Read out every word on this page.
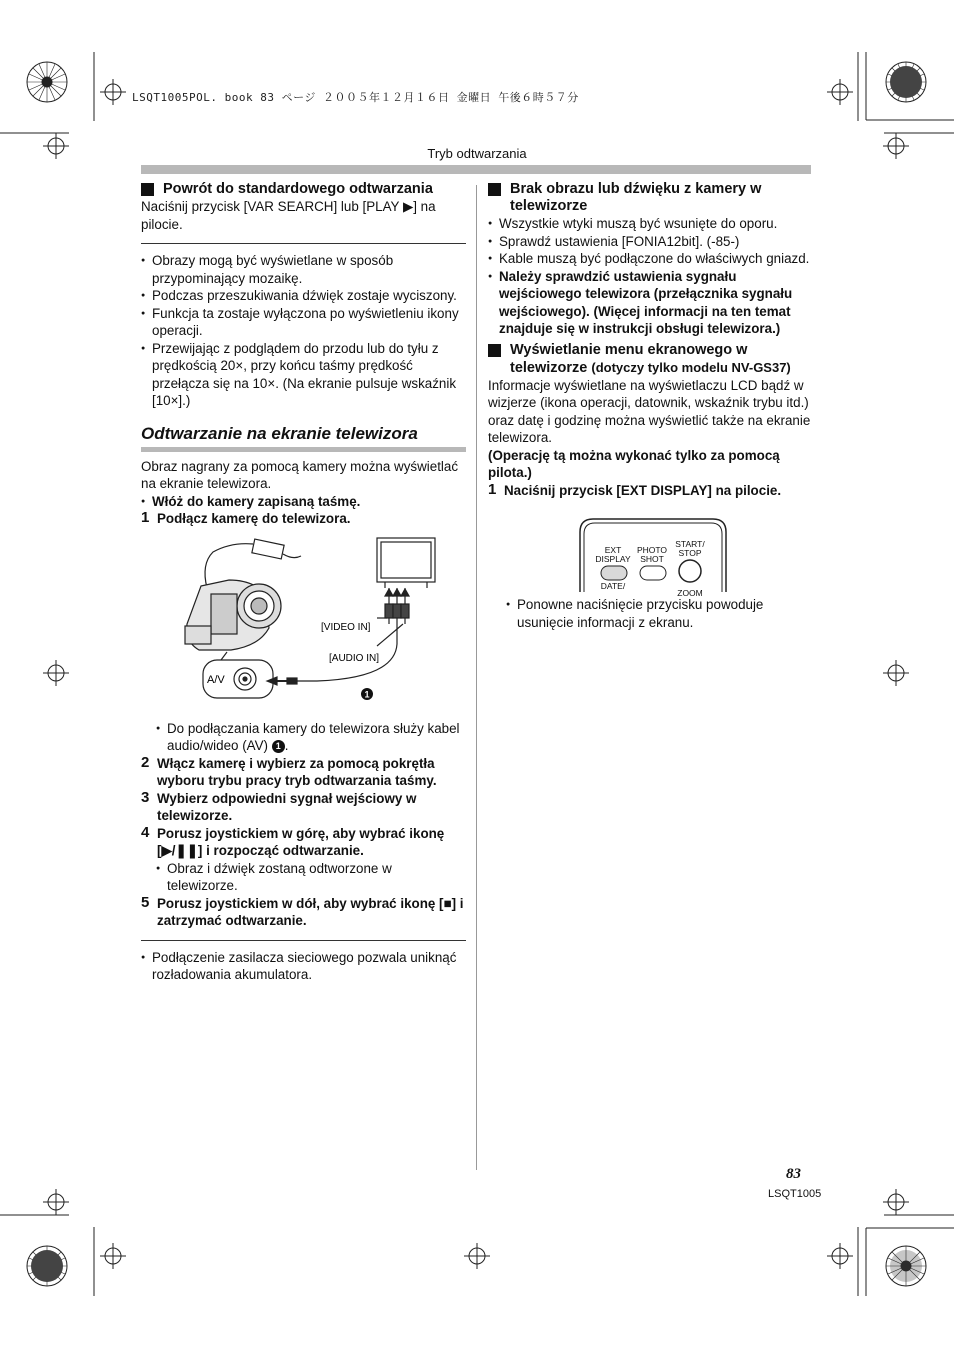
LSQT1005POL. book 83 ページ ２００５年１２月１６日 金曜日 午後６時５７分
Tryb odtwarzania
Powrót do standardowego odtwarzania

Naciśnij przycisk [VAR SEARCH] lub [PLAY ▶] na pilocie.

● Obrazy mogą być wyświetlane w sposób przypominający mozaikę.

● Podczas przeszukiwania dźwięk zostaje wyciszony.

● Funkcja ta zostaje wyłączona po wyświetleniu ikony operacji.

● Przewijając z podglądem do przodu lub do tyłu z prędkością 20×, przy końcu taśmy prędkość przełącza się na 10×. (Na ekranie pulsuje wskaźnik [10×].)

Odtwarzanie na ekranie telewizora

Obraz nagrany za pomocą kamery można wyświetlać na ekranie telewizora.

● Włóż do kamery zapisaną taśmę.

1 Podłącz kamerę do telewizora.

[VIDEO IN]
[AUDIO IN]
A/V
1

● Do podłączania kamery do telewizora służy kabel audio/wideo (AV) 1 .

2 Włącz kamerę i wybierz za pomocą pokrętła wyboru trybu pracy tryb odtwarzania taśmy.

3 Wybierz odpowiedni sygnał wejściowy w telewizorze.

4 Porusz joystickiem w górę, aby wybrać ikonę [▶/❚❚] i rozpocząć odtwarzanie.

● Obraz i dźwięk zostaną odtworzone w telewizorze.

5 Porusz joystickiem w dół, aby wybrać ikonę [■] i zatrzymać odtwarzanie.

● Podłączenie zasilacza sieciowego pozwala uniknąć rozładowania akumulatora.

Brak obrazu lub dźwięku z kamery w telewizorze

● Wszystkie wtyki muszą być wsunięte do oporu.

● Sprawdź ustawienia [FONIA12bit]. (-85-)

● Kable muszą być podłączone do właściwych gniazd.

● Należy sprawdzić ustawienia sygnału wejściowego telewizora (przełącznika sygnału wejściowego). (Więcej informacji na ten temat znajduje się w instrukcji obsługi telewizora.)

Wyświetlanie menu ekranowego w telewizorze (dotyczy tylko modelu NV-GS37)

Informacje wyświetlane na wyświetlaczu LCD bądź w wizjerze (ikona operacji, datownik, wskaźnik trybu itd.) oraz datę i godzinę można wyświetlić także na ekranie telewizora.

(Operację tą można wykonać tylko za pomocą pilota.)

1 Naciśnij przycisk [EXT DISPLAY] na pilocie.

EXT
DISPLAY
DATE/
PHOTO
SHOT
START/
STOP
ZOOM

● Ponowne naciśnięcie przycisku powoduje usunięcie informacji z ekranu.

83
LSQT1005
